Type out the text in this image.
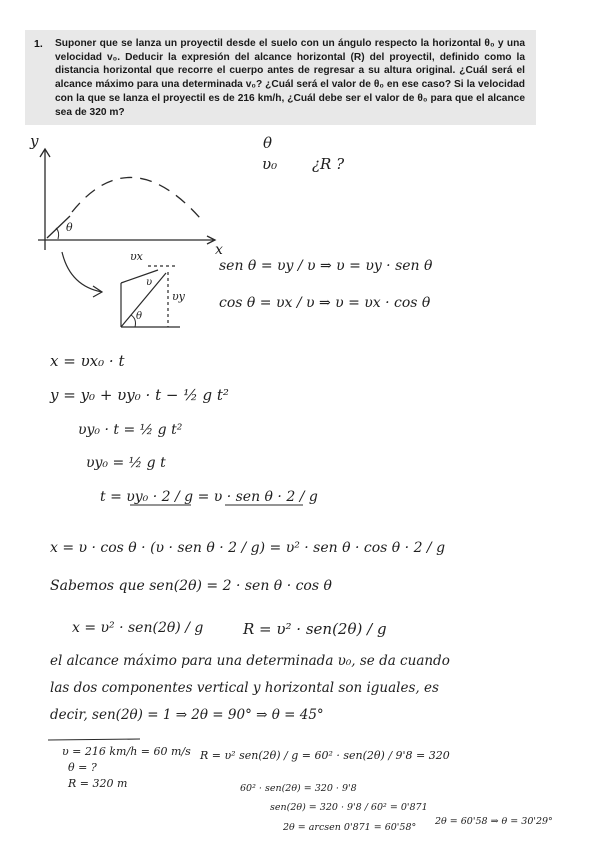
1. Suponer que se lanza un proyectil desde el suelo con un ángulo respecto la horizontal θ₀ y una velocidad v₀. Deducir la expresión del alcance horizontal (R) del proyectil, definido como la distancia horizontal que recorre el cuerpo antes de regresar a su altura original. ¿Cuál será el alcance máximo para una determinada v₀? ¿Cuál será el valor de θ₀ en ese caso? Si la velocidad con la que se lanza el proyectil es de 216 km/h, ¿Cuál debe ser el valor de θ₀ para que el alcance sea de 320 m?
y
x
θ
θ
υ₀ ¿R ?
υx
υ
υy
θ
sen θ = υy / υ ⇒ υ = υy · sen θ
cos θ = υx / υ ⇒ υ = υx · cos θ
x = υx₀ · t
y = y₀ + υy₀ · t − ½ g t²
υy₀ · t = ½ g t²
υy₀ = ½ g t
t = υy₀ · 2 / g = υ · sen θ · 2 / g
x = υ · cos θ · (υ · sen θ · 2 / g) = υ² · sen θ · cos θ · 2 / g
Sabemos que sen(2θ) = 2 · sen θ · cos θ
x = υ² · sen(2θ) / g	R = υ² · sen(2θ) / g
el alcance máximo para una determinada υ₀, se da cuando
las dos componentes vertical y horizontal son iguales, es
decir, sen(2θ) = 1 ⇒ 2θ = 90° ⇒ θ = 45°
υ = 216 km/h = 60 m/s
θ = ?
R = 320 m
R = υ² sen(2θ) / g = 60² · sen(2θ) / 9'8 = 320
60² · sen(2θ) = 320 · 9'8
sen(2θ) = 320 · 9'8 / 60² = 0'871
2θ = arcsen 0'871 = 60'58°
2θ = 60'58 ⇒ θ = 30'29°
